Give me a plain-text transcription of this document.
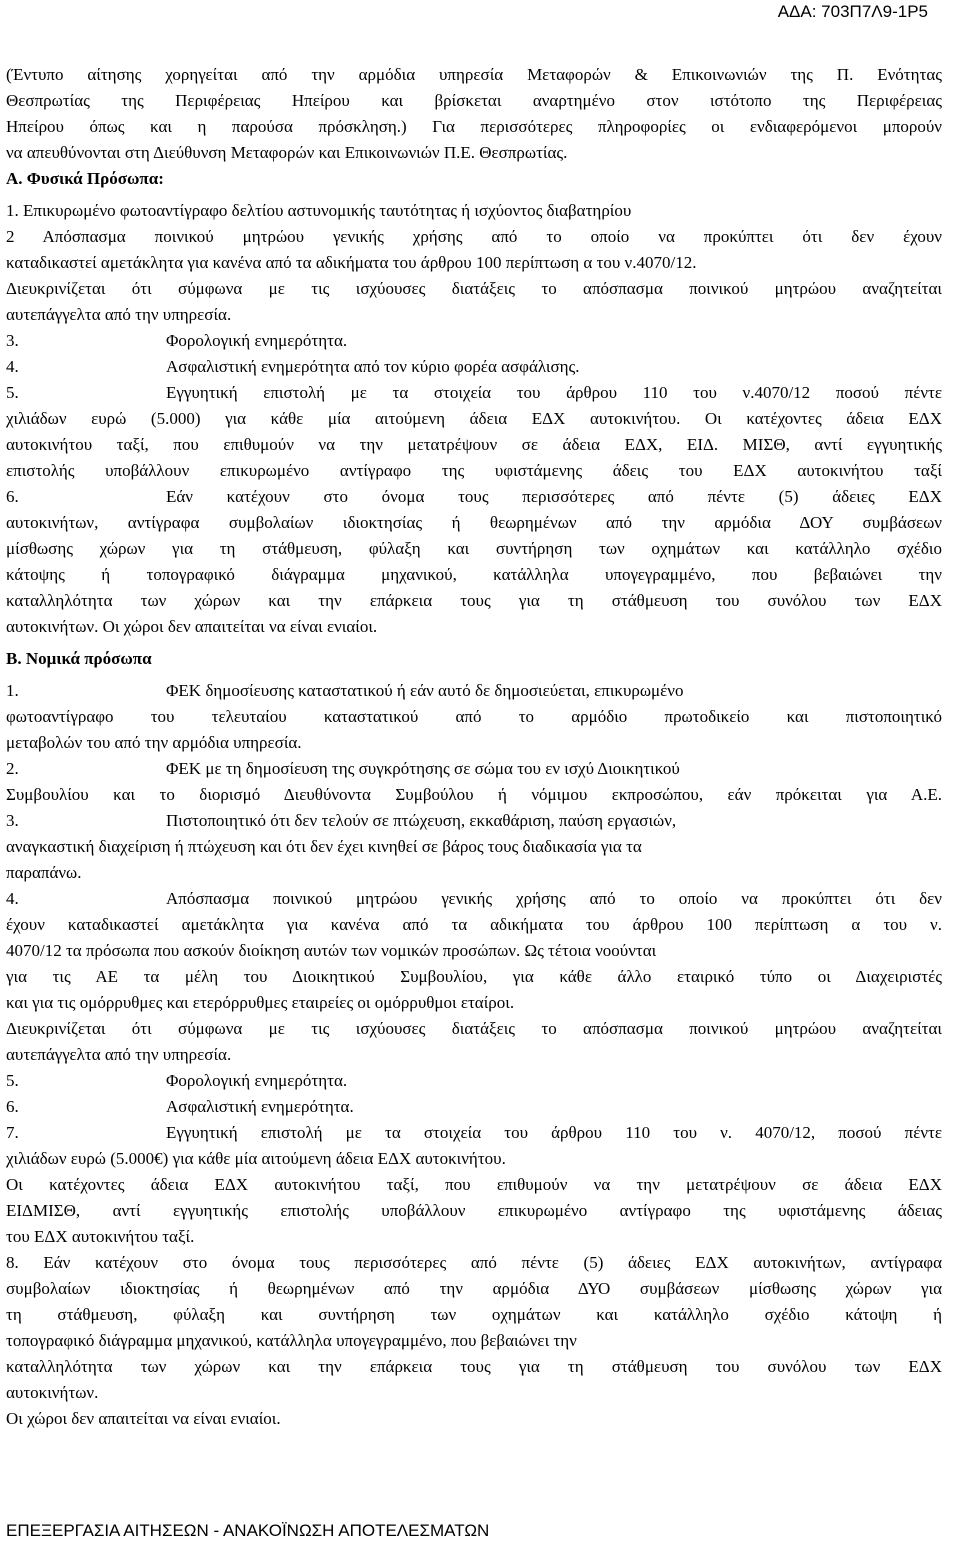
ΑΔΑ: 703Π7Λ9-1Ρ5
(Έντυπο αίτησης χορηγείται από την αρμόδια υπηρεσία Μεταφορών & Επικοινωνιών της Π. Ενότητας
Θεσπρωτίας της Περιφέρειας Ηπείρου και βρίσκεται αναρτημένο στον ιστότοπο της Περιφέρειας
Ηπείρου όπως και η παρούσα πρόσκληση.) Για περισσότερες πληροφορίες οι ενδιαφερόμενοι μπορούν
να απευθύνονται στη Διεύθυνση Μεταφορών και Επικοινωνιών Π.Ε. Θεσπρωτίας.
Α. Φυσικά Πρόσωπα:
1. Επικυρωμένο φωτοαντίγραφο δελτίου αστυνομικής ταυτότητας ή ισχύοντος διαβατηρίου
2 Απόσπασμα ποινικού μητρώου γενικής χρήσης από το οποίο να προκύπτει ότι δεν έχουν
καταδικαστεί αμετάκλητα για κανένα από τα αδικήματα του άρθρου 100 περίπτωση α του ν.4070/12.
Διευκρινίζεται ότι σύμφωνα με τις ισχύουσες διατάξεις το απόσπασμα ποινικού μητρώου αναζητείται
αυτεπάγγελτα από την υπηρεσία.
3.	Φορολογική ενημερότητα.
4.	Ασφαλιστική ενημερότητα από τον κύριο φορέα ασφάλισης.
5.	Εγγυητική επιστολή με τα στοιχεία του άρθρου 110 του ν.4070/12 ποσού πέντε
χιλιάδων ευρώ (5.000) για κάθε μία αιτούμενη άδεια ΕΔΧ αυτοκινήτου. Οι κατέχοντες άδεια ΕΔΧ
αυτοκινήτου ταξί, που επιθυμούν να την μετατρέψουν σε άδεια ΕΔΧ, ΕΙΔ. ΜΙΣΘ, αντί εγγυητικής
επιστολής υποβάλλουν επικυρωμένο αντίγραφο της υφιστάμενης άδεις του ΕΔΧ αυτοκινήτου ταξί
6.	Εάν κατέχουν στο όνομα τους περισσότερες από πέντε (5) άδειες ΕΔΧ
αυτοκινήτων, αντίγραφα συμβολαίων ιδιοκτησίας ή θεωρημένων από την αρμόδια ΔΟΥ συμβάσεων
μίσθωσης χώρων για τη στάθμευση, φύλαξη και συντήρηση των οχημάτων και κατάλληλο σχέδιο
κάτοψης ή τοπογραφικό διάγραμμα μηχανικού, κατάλληλα υπογεγραμμένο, που βεβαιώνει την
καταλληλότητα των χώρων και την επάρκεια τους για τη στάθμευση του συνόλου των ΕΔΧ
αυτοκινήτων. Οι χώροι δεν απαιτείται να είναι ενιαίοι.
Β. Νομικά πρόσωπα
1.	ΦΕΚ δημοσίευσης καταστατικού ή εάν αυτό δε δημοσιεύεται, επικυρωμένο
φωτοαντίγραφο του τελευταίου καταστατικού από το αρμόδιο πρωτοδικείο και πιστοποιητικό
μεταβολών του από την αρμόδια υπηρεσία.
2.	ΦΕΚ με τη δημοσίευση της συγκρότησης σε σώμα του εν ισχύ Διοικητικού
Συμβουλίου και το διορισμό Διευθύνοντα Συμβούλου ή νόμιμου εκπροσώπου, εάν πρόκειται για Α.Ε.
3.	Πιστοποιητικό ότι δεν τελούν σε πτώχευση, εκκαθάριση, παύση εργασιών,
αναγκαστική διαχείριση ή πτώχευση και ότι δεν έχει κινηθεί σε βάρος τους διαδικασία για τα
παραπάνω.
4.	Απόσπασμα ποινικού μητρώου γενικής χρήσης από το οποίο να προκύπτει ότι δεν
έχουν καταδικαστεί αμετάκλητα για κανένα από τα αδικήματα του άρθρου 100 περίπτωση α του ν.
4070/12 τα πρόσωπα που ασκούν διοίκηση αυτών των νομικών προσώπων. Ως τέτοια νοούνται
για τις ΑΕ τα μέλη του Διοικητικού Συμβουλίου, για κάθε άλλο εταιρικό τύπο οι Διαχειριστές
και για τις ομόρρυθμες και ετερόρρυθμες εταιρείες οι ομόρρυθμοι εταίροι.
Διευκρινίζεται ότι σύμφωνα με τις ισχύουσες διατάξεις το απόσπασμα ποινικού μητρώου αναζητείται
αυτεπάγγελτα από την υπηρεσία.
5.	Φορολογική ενημερότητα.
6.	Ασφαλιστική ενημερότητα.
7.	Εγγυητική επιστολή με τα στοιχεία του άρθρου 110 του ν. 4070/12, ποσού πέντε
χιλιάδων ευρώ (5.000€) για κάθε μία αιτούμενη άδεια ΕΔΧ αυτοκινήτου.
Οι κατέχοντες άδεια ΕΔΧ αυτοκινήτου ταξί, που επιθυμούν να την μετατρέψουν σε άδεια ΕΔΧ
ΕΙΔΜΙΣΘ, αντί εγγυητικής επιστολής υποβάλλουν επικυρωμένο αντίγραφο της υφιστάμενης άδειας
του ΕΔΧ αυτοκινήτου ταξί.
8. Εάν κατέχουν στο όνομα τους περισσότερες από πέντε (5) άδειες ΕΔΧ αυτοκινήτων, αντίγραφα
συμβολαίων ιδιοκτησίας ή θεωρημένων από την αρμόδια ΔΥΟ συμβάσεων μίσθωσης χώρων για
τη στάθμευση, φύλαξη και συντήρηση των οχημάτων και κατάλληλο σχέδιο κάτοψη ή
τοπογραφικό διάγραμμα μηχανικού, κατάλληλα υπογεγραμμένο, που βεβαιώνει την
καταλληλότητα των χώρων και την επάρκεια τους για τη στάθμευση του συνόλου των ΕΔΧ
αυτοκινήτων.
Οι χώροι δεν απαιτείται να είναι ενιαίοι.
ΕΠΕΞΕΡΓΑΣΙΑ ΑΙΤΗΣΕΩΝ - ΑΝΑΚΟΪΝΩΣΗ ΑΠΟΤΕΛΕΣΜΑΤΩΝ
